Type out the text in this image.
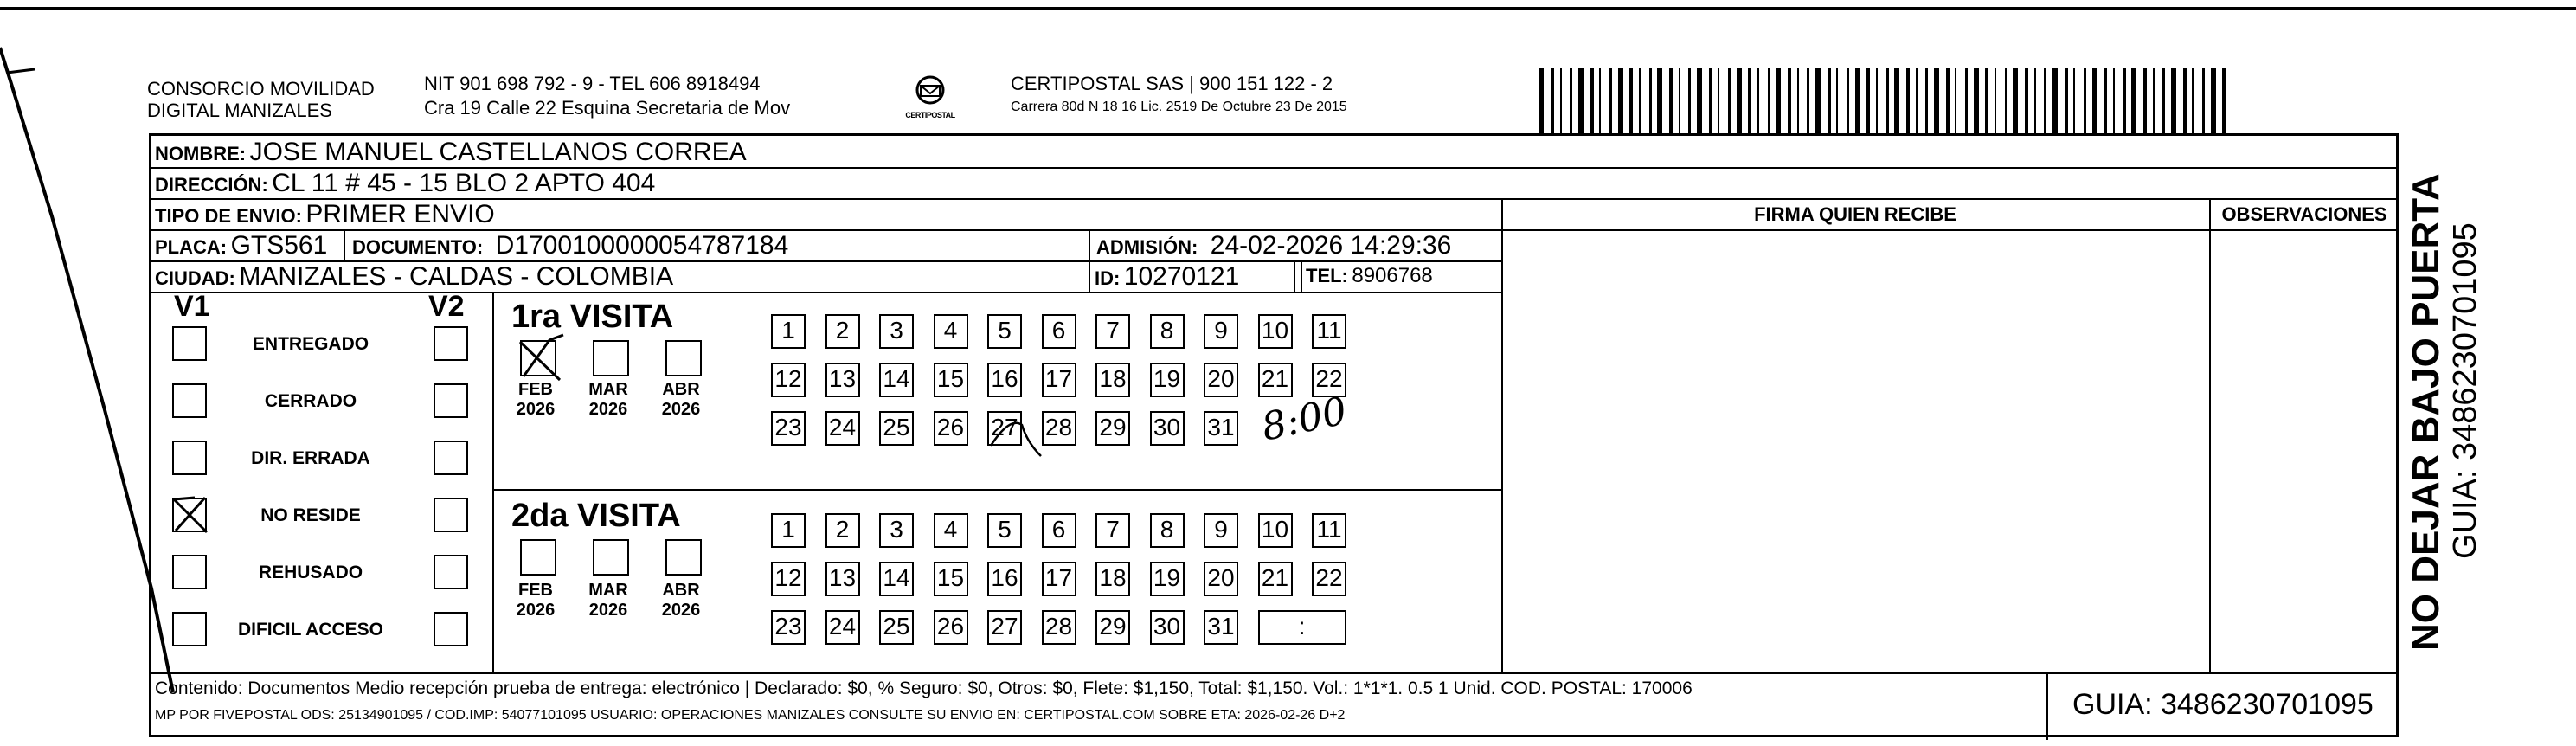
CONSORCIO MOVILIDAD
DIGITAL MANIZALES
NIT 901 698 792 - 9 - TEL 606 8918494
Cra 19 Calle 22 Esquina Secretaria de Mov	CERTIPOSTAL
CERTIPOSTAL SAS | 900 151 122 - 2
Carrera 80d N 18 16 Lic. 2519 De Octubre 23 De 2015
NOMBRE: JOSE MANUEL CASTELLANOS CORREA
DIRECCIÓN: CL 11 # 45 - 15 BLO 2 APTO 404
TIPO DE ENVIO: PRIMER ENVIO	FIRMA QUIEN RECIBE	OBSERVACIONES
PLACA: GTS561 DOCUMENTO: D1700100000054787184	ADMISIÓN: 24-02-2026 14:29:36
CIUDAD: MANIZALES - CALDAS - COLOMBIA	ID: 10270121	TEL: 8906768
V1	V2
ENTREGADO
CERRADO
DIR. ERRADA
NO RESIDE
REHUSADO
DIFICIL ACCESO
1ra VISITA
2da VISITA
FEB
2026
MAR
2026
ABR
2026
FEB
2026
MAR
2026
ABR
2026
1	2	3	4	5	6	7	8	9	10 11
12 13 14 15 16 17 18 19 20 21 22
23 24 25 26 27 28 29 30 31 8:00
1	2	3	4	5	6	7	8	9	10 11
12 13 14 15 16 17 18 19 20 21 22
23 24 25 26 27 28 29 30 31	:
Contenido: Documentos Medio recepción prueba de entrega: electrónico | Declarado: $0, % Seguro: $0, Otros: $0, Flete: $1,150, Total: $1,150. Vol.: 1*1*1. 0.5 1 Unid. COD. POSTAL: 170006
MP POR FIVEPOSTAL ODS: 25134901095 / COD.IMP: 54077101095 USUARIO: OPERACIONES MANIZALES CONSULTE SU ENVIO EN: CERTIPOSTAL.COM SOBRE ETA: 2026-02-26 D+2	GUIA: 3486230701095
NO DEJAR BAJO PUERTA GUIA: 3486230701095
